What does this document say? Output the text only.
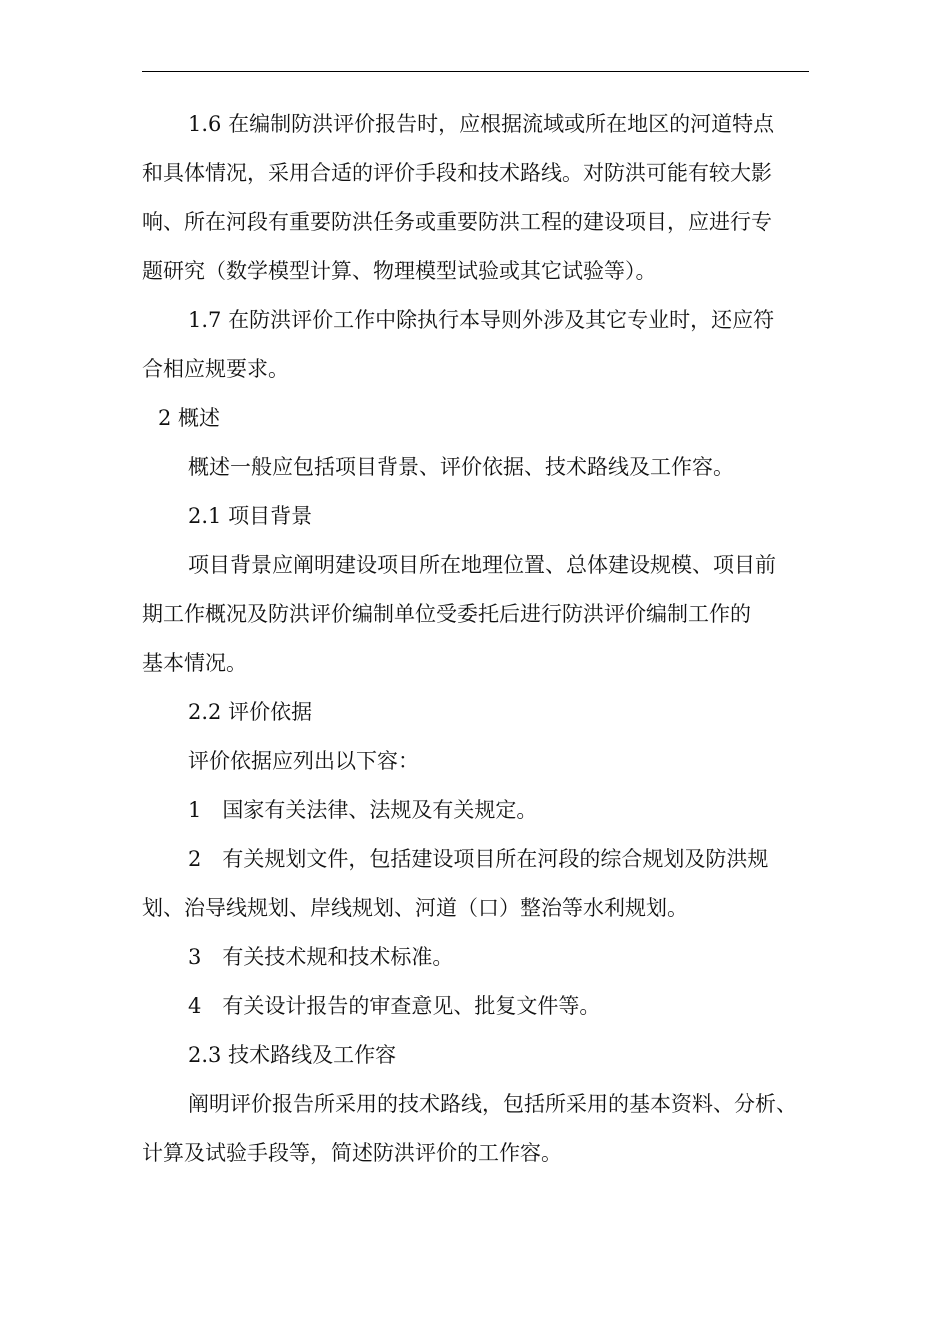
1.6 在编制防洪评价报告时，应根据流域或所在地区的河道特点
和具体情况，采用合适的评价手段和技术路线。对防洪可能有较大影
响、所在河段有重要防洪任务或重要防洪工程的建设项目，应进行专
题研究（数学模型计算、物理模型试验或其它试验等）。
1.7 在防洪评价工作中除执行本导则外涉及其它专业时，还应符
合相应规要求。
2 概述
概述一般应包括项目背景、评价依据、技术路线及工作容。
2.1 项目背景
项目背景应阐明建设项目所在地理位置、总体建设规模、项目前
期工作概况及防洪评价编制单位受委托后进行防洪评价编制工作的
基本情况。
2.2 评价依据
评价依据应列出以下容：
1　国家有关法律、法规及有关规定。
2　有关规划文件，包括建设项目所在河段的综合规划及防洪规
划、治导线规划、岸线规划、河道（口）整治等水利规划。
3　有关技术规和技术标准。
4　有关设计报告的审查意见、批复文件等。
2.3 技术路线及工作容
阐明评价报告所采用的技术路线，包括所采用的基本资料、分析、
计算及试验手段等，简述防洪评价的工作容。
